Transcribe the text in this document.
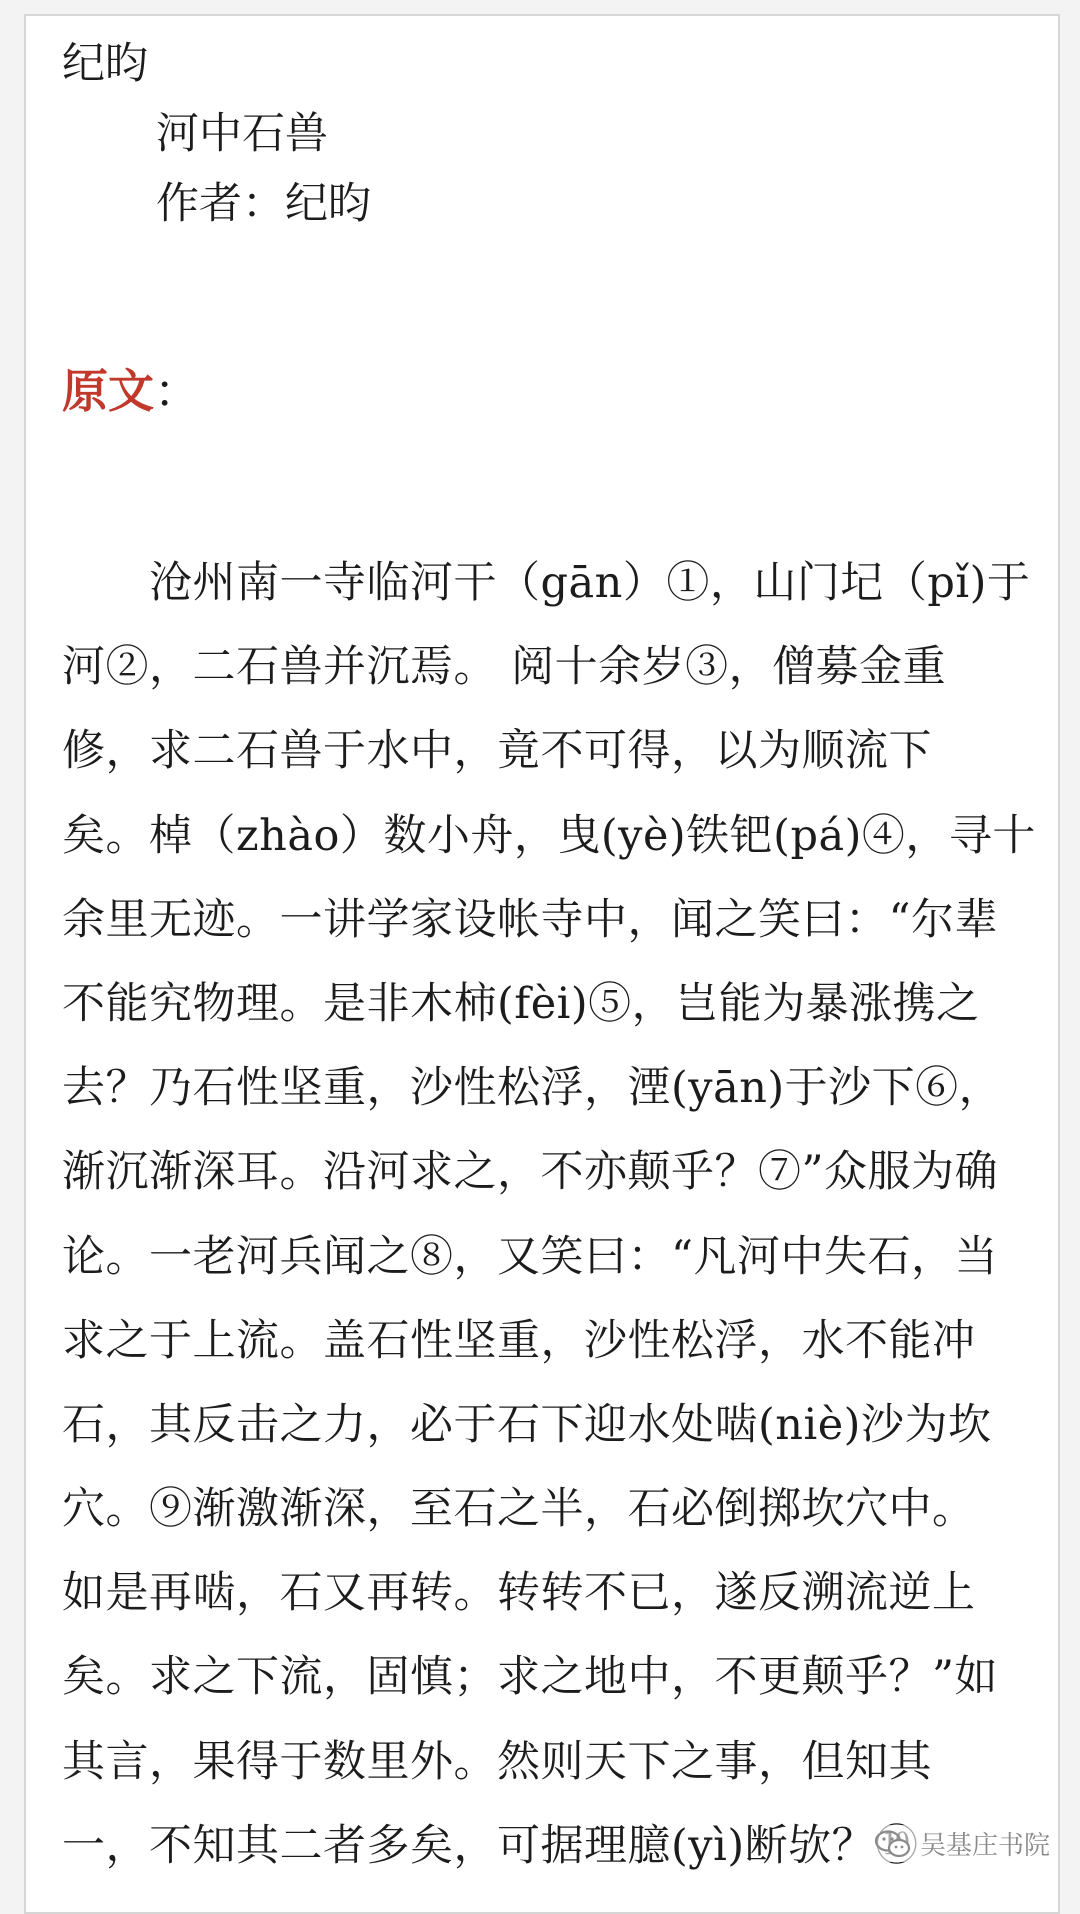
纪昀
河中石兽
作者：纪昀
原文：
　　沧州南一寺临河干（gān）①，山门圮（pǐ)于
河②，二石兽并沉焉。 阅十余岁③，僧募金重
修，求二石兽于水中，竟不可得，以为顺流下
矣。棹（zhào）数小舟，曳(yè)铁钯(pá)④，寻十
余里无迹。一讲学家设帐寺中，闻之笑曰：“尔辈
不能究物理。是非木柿(fèi)⑤，岂能为暴涨携之
去？乃石性坚重，沙性松浮，湮(yān)于沙下⑥，
渐沉渐深耳。沿河求之，不亦颠乎？⑦”众服为确
论。一老河兵闻之⑧，又笑曰：“凡河中失石，当
求之于上流。盖石性坚重，沙性松浮，水不能冲
石，其反击之力，必于石下迎水处啮(niè)沙为坎
穴。⑨渐激渐深，至石之半，石必倒掷坎穴中。
如是再啮，石又再转。转转不已，遂反溯流逆上
矣。求之下流，固慎；求之地中，不更颠乎？”如
其言，果得于数里外。然则天下之事，但知其
一，不知其二者多矣，可据理臆(yì)断欤？⑩
吴基庄书院
